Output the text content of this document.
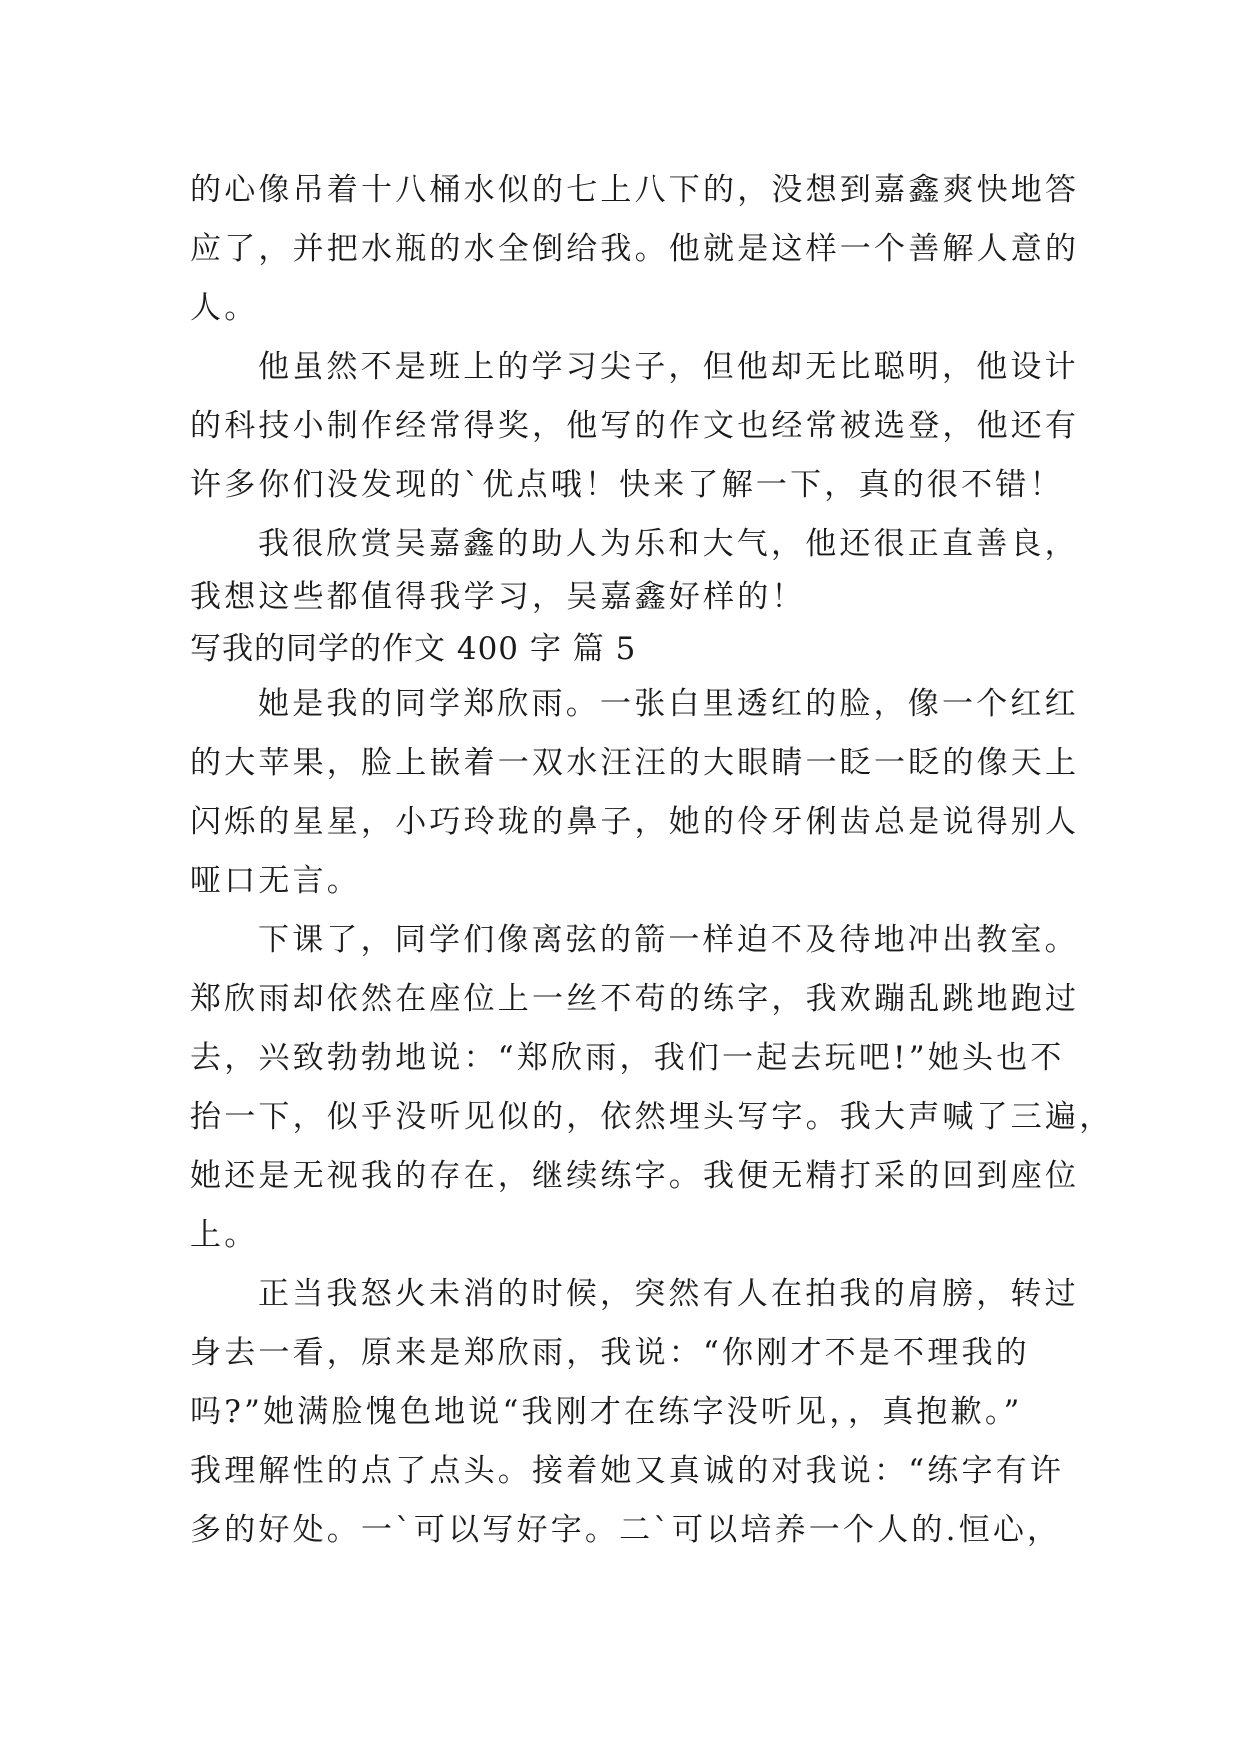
的心像吊着十八桶水似的七上八下的，没想到嘉鑫爽快地答

应了，并把水瓶的水全倒给我。他就是这样一个善解人意的

人。

他虽然不是班上的学习尖子，但他却无比聪明，他设计

的科技小制作经常得奖，他写的作文也经常被选登，他还有

许多你们没发现的`优点哦！快来了解一下，真的很不错！

我很欣赏吴嘉鑫的助人为乐和大气，他还很正直善良，

我想这些都值得我学习，吴嘉鑫好样的！

写我的同学的作文 400 字 篇 5

她是我的同学郑欣雨。一张白里透红的脸，像一个红红

的大苹果，脸上嵌着一双水汪汪的大眼睛一眨一眨的像天上

闪烁的星星，小巧玲珑的鼻子，她的伶牙俐齿总是说得别人

哑口无言。

下课了，同学们像离弦的箭一样迫不及待地冲出教室。

郑欣雨却依然在座位上一丝不苟的练字，我欢蹦乱跳地跑过

去，兴致勃勃地说：“郑欣雨，我们一起去玩吧!”她头也不

抬一下，似乎没听见似的，依然埋头写字。我大声喊了三遍，

她还是无视我的存在，继续练字。我便无精打采的回到座位

上。

正当我怒火未消的时候，突然有人在拍我的肩膀，转过

身去一看，原来是郑欣雨，我说：“你刚才不是不理我的

吗?”她满脸愧色地说“我刚才在练字没听见，，真抱歉。”

我理解性的点了点头。接着她又真诚的对我说：“练字有许

多的好处。一`可以写好字。二`可以培养一个人的.恒心，
